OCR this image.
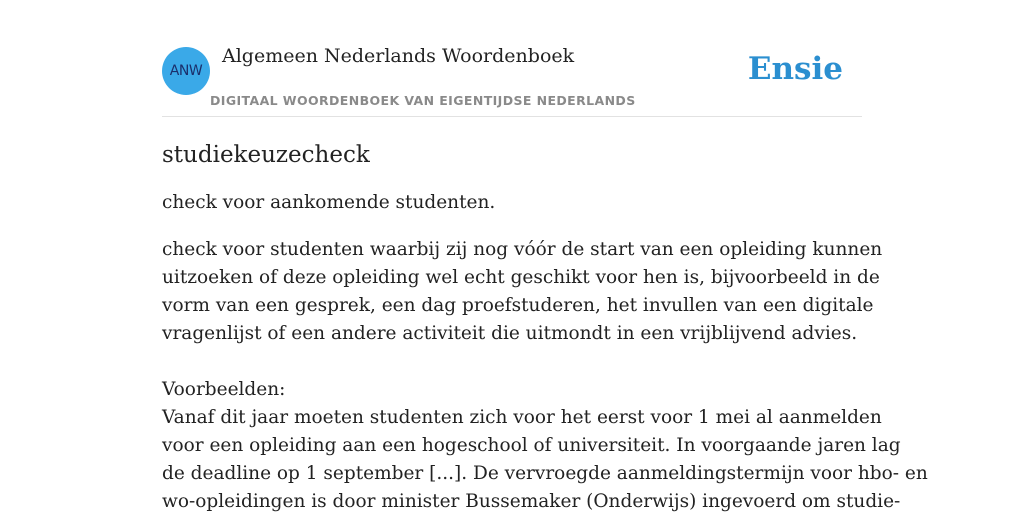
ANW
Algemeen Nederlands Woordenboek
DIGITAAL WOORDENBOEK VAN EIGENTIJDSE NEDERLANDS
Ensie
studiekeuzecheck

check voor aankomende studenten.

check voor studenten waarbij zij nog vóór de start van een opleiding kunnen
uitzoeken of deze opleiding wel echt geschikt voor hen is, bijvoorbeeld in de
vorm van een gesprek, een dag proefstuderen, het invullen van een digitale
vragenlijst of een andere activiteit die uitmondt in een vrijblijvend advies.
Voorbeelden:
Vanaf dit jaar moeten studenten zich voor het eerst voor 1 mei al aanmelden
voor een opleiding aan een hogeschool of universiteit. In voorgaande jaren lag
de deadline op 1 september [...]. De vervroegde aanmeldingstermijn voor hbo- en
wo-opleidingen is door minister Bussemaker (Onderwijs) ingevoerd om studie-
